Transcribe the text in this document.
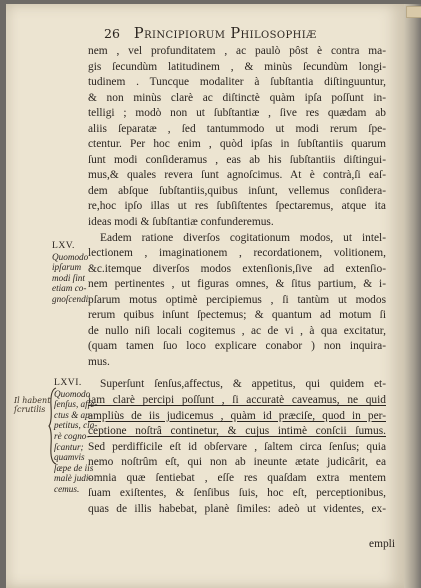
26 Principiorum Philosophiæ
nem , vel profunditatem , ac paulò pôst è contra ma-
gis ſecundùm latitudinem , & minùs ſecundùm longi-
tudinem . Tuncque modaliter à ſubſtantia diſtinguuntur,
& non minùs clarè ac diſtinctè quàm ipſa poſſunt in-
telligi ; modò non ut ſubſtantiæ , ſive res quædam ab
aliis ſeparatæ , ſed tantummodo ut modi rerum ſpe-
ctentur. Per hoc enim , quòd ipſas in ſubſtantiis quarum
ſunt modi conſideramus , eas ab his ſubſtantiis diſtingui-
mus,& quales revera ſunt agnoſcimus. At è contrà,ſi eaſ-
dem abſque ſubſtantiis,quibus inſunt, vellemus conſidera-
re,hoc ipſo illas ut res ſubſiſtentes ſpectaremus, atque ita
ideas modi & ſubſtantiæ confunderemus.
Eadem ratione diverſos cogitationum modos, ut intel-
lectionem , imaginationem , recordationem, volitionem,
&c.itemque diverſos modos extenſionis,ſive ad extenſio-
nem pertinentes , ut figuras omnes, & ſitus partium, & i-
pſarum motus optimè percipiemus , ſi tantùm ut modos
rerum quibus inſunt ſpectemus; & quantum ad motum ſi
de nullo niſi locali cogitemus , ac de vi , à qua excitatur,
(quam tamen ſuo loco explicare conabor ) non inquira-
mus.
Superſunt ſenſus,affectus, & appetitus, qui quidem et-
iam clarè percipi poſſunt , ſi accuratè caveamus, ne quid
ampliùs de iis judicemus , quàm id præciſe, quod in per-
ceptione noſtrâ continetur, & cujus intimè conſcii ſumus.
Sed perdifficile eſt id obſervare , ſaltem circa ſenſus; quia
nemo noſtrûm eſt, qui non ab ineunte ætate judicârit, ea
omnia quæ ſentiebat , eſſe res quaſdam extra mentem
ſuam exiſtentes, & ſenſibus ſuis, hoc eſt, perceptionibus,
quas de illis habebat, planè ſimiles: adeò ut videntes, ex-
empli
LXV.
Quomodo
ipſarum
modi ſint
etiam co-
gnoſcendi.
LXVI.
Quomodo
ſenſus, affe-
ctus & ap-
petitus, cla-
rè cogno-
ſcantur;
quamvis
ſæpe de iis
malè judi-
cemus.
Il habent
ſcrutilis
